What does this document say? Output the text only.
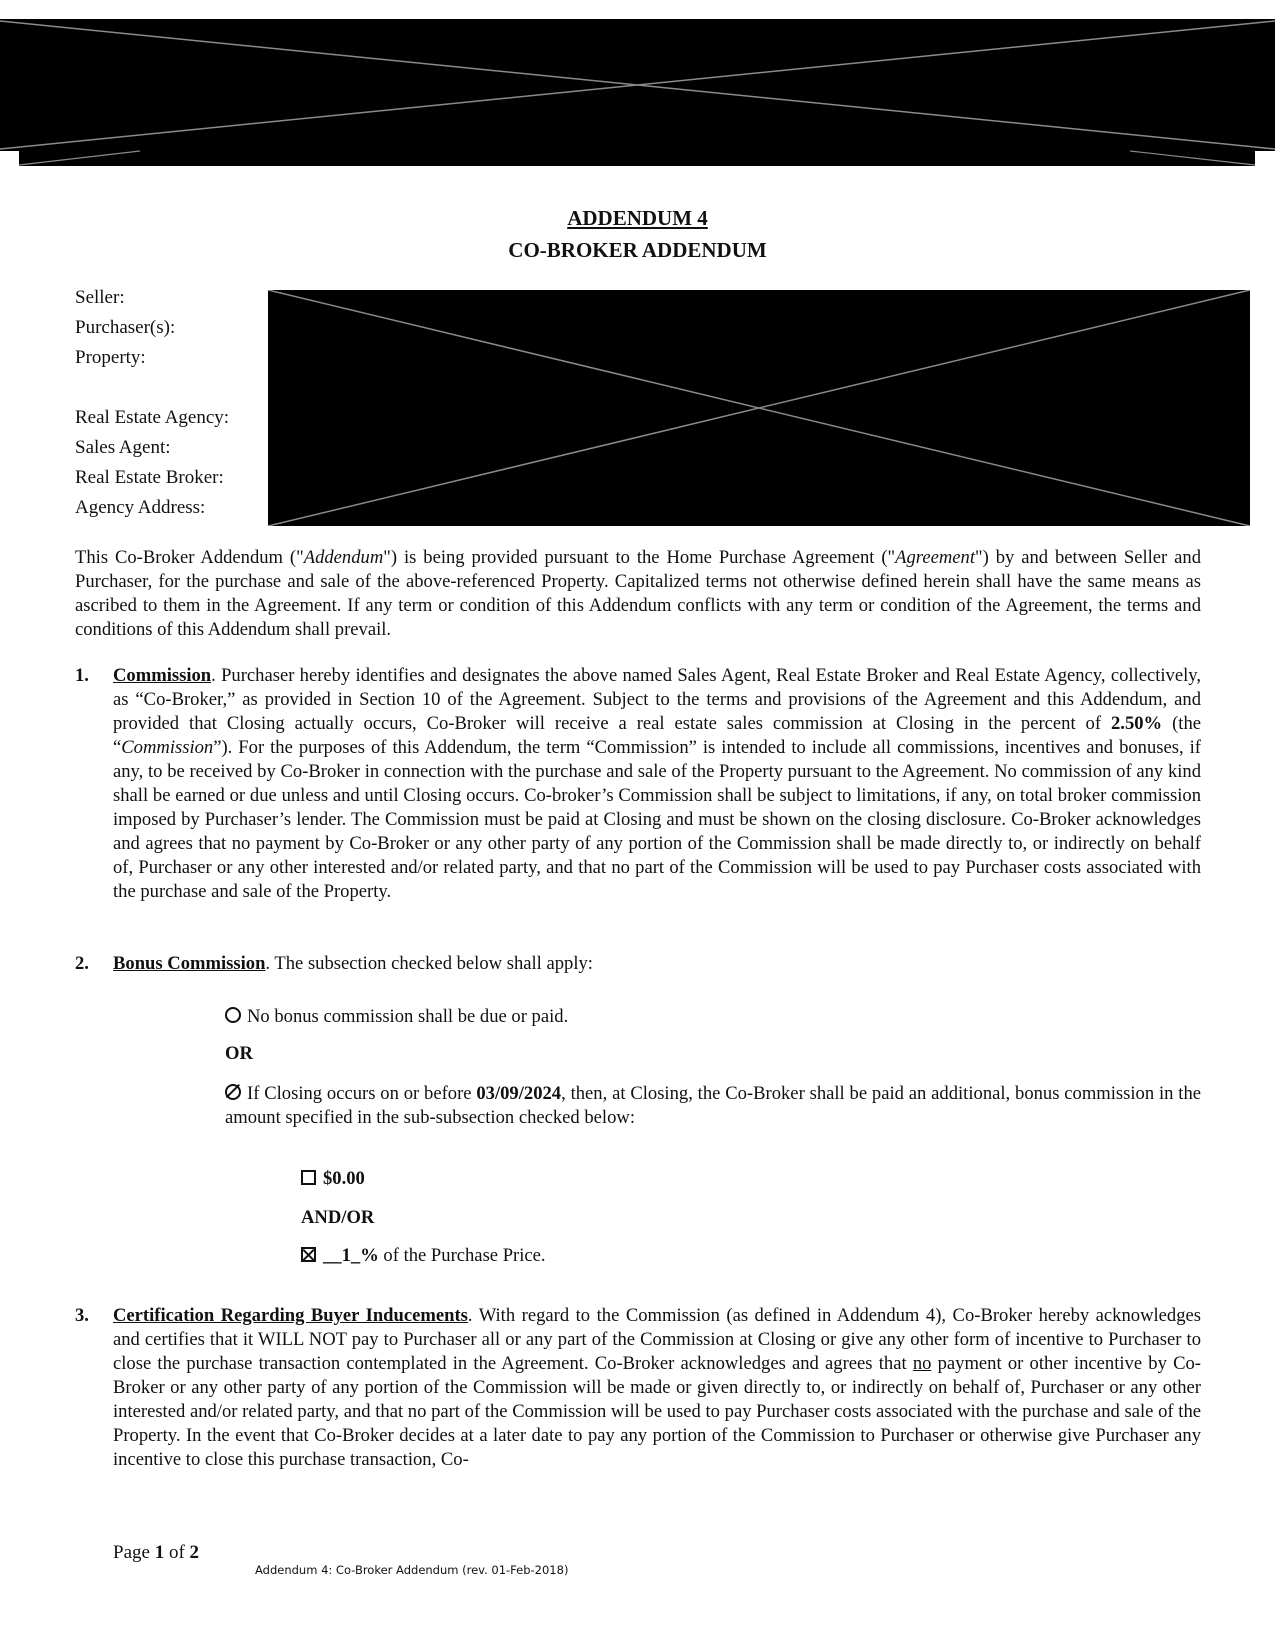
ADDENDUM 4
CO-BROKER ADDENDUM
Seller:
Purchaser(s):
Property:
Real Estate Agency:
Sales Agent:
Real Estate Broker:
Agency Address:
This Co-Broker Addendum ("Addendum") is being provided pursuant to the Home Purchase Agreement ("Agreement") by and between Seller and Purchaser, for the purchase and sale of the above-referenced Property. Capitalized terms not otherwise defined herein shall have the same means as ascribed to them in the Agreement. If any term or condition of this Addendum conflicts with any term or condition of the Agreement, the terms and conditions of this Addendum shall prevail.
1. Commission. Purchaser hereby identifies and designates the above named Sales Agent, Real Estate Broker and Real Estate Agency, collectively, as “Co-Broker,” as provided in Section 10 of the Agreement. Subject to the terms and provisions of the Agreement and this Addendum, and provided that Closing actually occurs, Co-Broker will receive a real estate sales commission at Closing in the percent of 2.50% (the “Commission”). For the purposes of this Addendum, the term “Commission” is intended to include all commissions, incentives and bonuses, if any, to be received by Co-Broker in connection with the purchase and sale of the Property pursuant to the Agreement. No commission of any kind shall be earned or due unless and until Closing occurs. Co-broker’s Commission shall be subject to limitations, if any, on total broker commission imposed by Purchaser’s lender. The Commission must be paid at Closing and must be shown on the closing disclosure. Co-Broker acknowledges and agrees that no payment by Co-Broker or any other party of any portion of the Commission shall be made directly to, or indirectly on behalf of, Purchaser or any other interested and/or related party, and that no part of the Commission will be used to pay Purchaser costs associated with the purchase and sale of the Property.
2. Bonus Commission. The subsection checked below shall apply:
No bonus commission shall be due or paid.
OR
If Closing occurs on or before 03/09/2024, then, at Closing, the Co-Broker shall be paid an additional, bonus commission in the amount specified in the sub-subsection checked below:
$0.00
AND/OR
__1_% of the Purchase Price.
3. Certification Regarding Buyer Inducements. With regard to the Commission (as defined in Addendum 4), Co-Broker hereby acknowledges and certifies that it WILL NOT pay to Purchaser all or any part of the Commission at Closing or give any other form of incentive to Purchaser to close the purchase transaction contemplated in the Agreement. Co-Broker acknowledges and agrees that no payment or other incentive by Co-Broker or any other party of any portion of the Commission will be made or given directly to, or indirectly on behalf of, Purchaser or any other interested and/or related party, and that no part of the Commission will be used to pay Purchaser costs associated with the purchase and sale of the Property. In the event that Co-Broker decides at a later date to pay any portion of the Commission to Purchaser or otherwise give Purchaser any incentive to close this purchase transaction, Co-
Page 1 of 2
Addendum 4: Co-Broker Addendum (rev. 01-Feb-2018)
